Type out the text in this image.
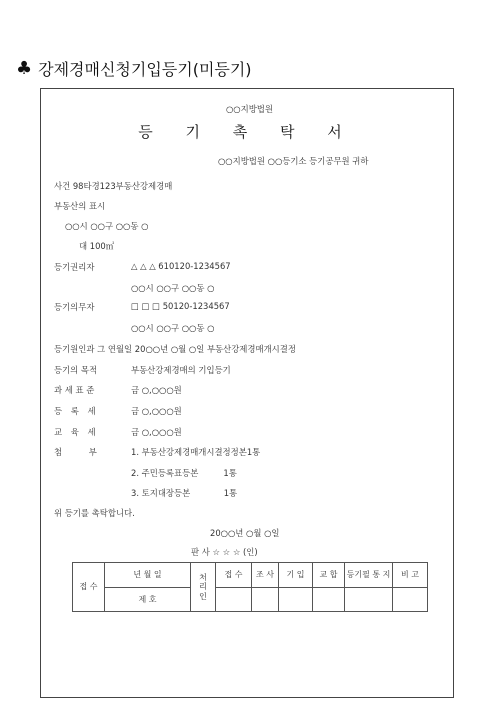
♣ 강제경매신청기입등기(미등기)
○○지방법원
등 기 촉 탁 서
○○지방법원 ○○등기소 등기공무원 귀하
사건 98타경123부동산강제경매
부동산의 표시
○○시 ○○구 ○○동 ○
대 100㎡
등기권리자	△ △ △ 610120-1234567
○○시 ○○구 ○○동 ○
등기의무자	□ □ □ 50120-1234567
○○시 ○○구 ○○동 ○
등기원인과 그 연월일 20○○년 ○월 ○일 부동산강제경매개시결정
등기의 목적	부동산강제경매의 기입등기
과 세 표 준	금 ○,○○○원
등 록 세	금 ○,○○○원
교 육 세	금 ○,○○○원
첨 부	1. 부동산강제경매개시결정정본1통
2. 주민등록표등본　　　1통
3. 토지대장등본　　　　1통
위 등기를 촉탁합니다.
20○○년 ○월 ○일
판 사 ☆ ☆ ☆ (인)
접 수	년 월 일	처리인	접 수	조 사	기 입	교 합	등기필 통 지	비 고
	제 호							
